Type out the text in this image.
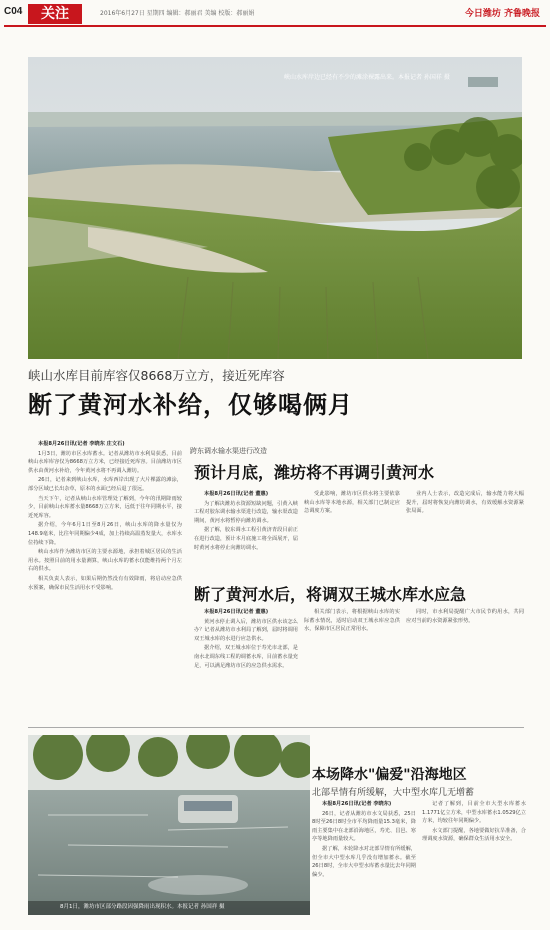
C04	关注	2016年6月27日 星期四 编辑：郝丽君 美编 校版：郝丽娟	今日潍坊 齐鲁晚报
峡山水库岸边已经有不少的滩涂裸露出来。本报记者 孙国祥 摄
峡山水库目前库容仅8668万立方，接近死库容
断了黄河水补给，仅够喝俩月

本报8月26日讯(记者 李晓东 庄文石)

1月3日，潍坊市区水库蓄水。记者从潍坊市水利局获悉，目前峡山水库库容仅为8668万立方米，已经接近死库容。目前潍坊市区供水由黄河水补给，今年黄河水将不再调入潍坊。

26日，记者来到峡山水库，水库西岸出现了大片裸露的滩涂，部分区域已长出杂草，原本的水面已经后退了很远。

当天下午，记者从峡山水库管理处了解到，今年的汛期降雨较少，目前峡山水库蓄水量8668万立方米，远低于往年同期水平，接近死库容。

据介绍，今年6月1日至8月26日，峡山水库的降水量仅为148.9毫米，比往年同期偏少4成，加上持续高温蒸发量大，水库水位持续下降。

峡山水库作为潍坊市区的主要水源地，承担着城区居民的生活用水。按照目前的用水量测算，峡山水库的蓄水仅能维持两个月左右的供水。

相关负责人表示，如果后期仍然没有有效降雨，将启动应急供水预案，确保市民生活用水不受影响。

跨东调水输水渠进行改造
预计月底，潍坊将不再调引黄河水

本报8月26日讯(记者 董惠)

为了解决潍坊水资源短缺问题，引黄入峡工程对胶东调水输水渠进行改造，输水渠改造期间，黄河水将暂停向潍坊调水。

据了解，胶东调水工程引黄济青段目前正在进行改造，预计本月底施工将全面展开，届时黄河水将停止向潍坊调水。

受此影响，潍坊市区供水将主要依靠峡山水库等本地水源，相关部门已制定应急调度方案。

业内人士表示，改造完成后，输水能力将大幅提升，届时将恢复向潍坊调水，有效缓解水资源紧张局面。

断了黄河水后，将调双王城水库水应急

本报8月26日讯(记者 董惠)

黄河水停止调入后，潍坊市区供水该怎么办？记者从潍坊市水利局了解到，届时将调用双王城水库的水进行应急供水。

据介绍，双王城水库位于寿光市北部，是南水北调东线工程的调蓄水库，目前蓄水量充足，可以满足潍坊市区的应急供水需求。

相关部门表示，将根据峡山水库的实际蓄水情况，适时启动双王城水库应急供水，保障市区居民正常用水。

同时，市水利局提醒广大市民节约用水，共同应对当前的水资源紧张形势。

8月1日，潍坊市区部分路段因强降雨出现积水。本报记者 孙国祥 摄
本场降水"偏爱"沿海地区
北部旱情有所缓解，大中型水库几无增蓄

本报8月26日讯(记者 李晓东)

26日，记者从潍坊市水文局获悉，25日8时至26日8时全市平均降雨量15.3毫米，降雨主要集中在北部沿海地区，寿光、昌邑、寒亭等地降雨量较大。

据了解，本轮降水对北部旱情有所缓解，但全市大中型水库几乎没有增加蓄水。截至26日8时，全市大中型水库蓄水量比去年同期偏少。

记者了解到，目前全市大型水库蓄水1.1771亿立方米，中型水库蓄水1.0529亿立方米，均较往年同期偏少。

水文部门提醒，各地要做好抗旱准备，合理调度水资源，确保群众生活用水安全。
